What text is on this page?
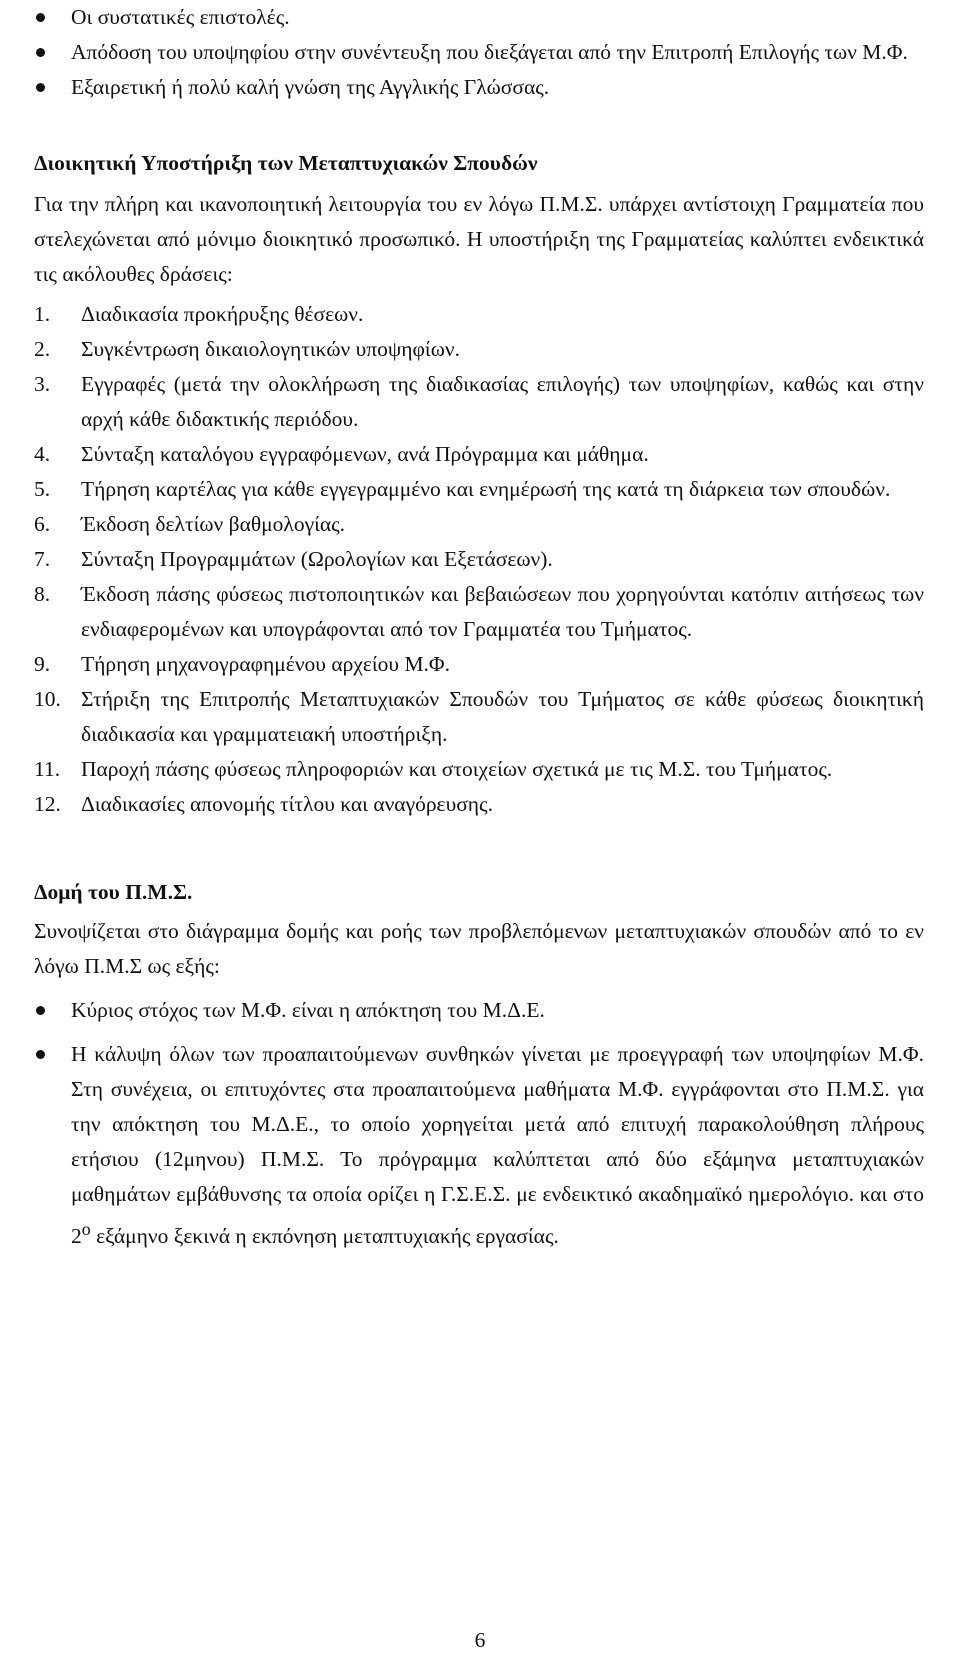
Οι συστατικές επιστολές.
Απόδοση του υποψηφίου στην συνέντευξη που διεξάγεται από την Επιτροπή Επιλογής των Μ.Φ.
Εξαιρετική ή πολύ καλή γνώση της Αγγλικής Γλώσσας.
Διοικητική Υποστήριξη των Μεταπτυχιακών Σπουδών
Για την πλήρη και ικανοποιητική λειτουργία του εν λόγω Π.Μ.Σ. υπάρχει αντίστοιχη Γραμματεία που στελεχώνεται από μόνιμο διοικητικό προσωπικό. Η υποστήριξη της Γραμματείας καλύπτει ενδεικτικά τις ακόλουθες δράσεις:
1. Διαδικασία προκήρυξης θέσεων.
2. Συγκέντρωση δικαιολογητικών υποψηφίων.
3. Εγγραφές (μετά την ολοκλήρωση της διαδικασίας επιλογής) των υποψηφίων, καθώς και στην αρχή κάθε διδακτικής περιόδου.
4. Σύνταξη καταλόγου εγγραφόμενων, ανά Πρόγραμμα και μάθημα.
5. Τήρηση καρτέλας για κάθε εγγεγραμμένο και ενημέρωσή της κατά τη διάρκεια των σπουδών.
6. Έκδοση δελτίων βαθμολογίας.
7. Σύνταξη Προγραμμάτων (Ωρολογίων και Εξετάσεων).
8. Έκδοση πάσης φύσεως πιστοποιητικών και βεβαιώσεων που χορηγούνται κατόπιν αιτήσεως των ενδιαφερομένων και υπογράφονται από τον Γραμματέα του Τμήματος.
9. Τήρηση μηχανογραφημένου αρχείου Μ.Φ.
10. Στήριξη της Επιτροπής Μεταπτυχιακών Σπουδών του Τμήματος σε κάθε φύσεως διοικητική διαδικασία και γραμματειακή υποστήριξη.
11. Παροχή πάσης φύσεως πληροφοριών και στοιχείων σχετικά με τις Μ.Σ. του Τμήματος.
12. Διαδικασίες απονομής τίτλου και αναγόρευσης.
Δομή του Π.Μ.Σ.
Συνοψίζεται στο διάγραμμα δομής και ροής των προβλεπόμενων μεταπτυχιακών σπουδών από το εν λόγω Π.Μ.Σ ως εξής:
Κύριος στόχος των Μ.Φ. είναι η απόκτηση του Μ.Δ.Ε.
Η κάλυψη όλων των προαπαιτούμενων συνθηκών γίνεται με προεγγραφή των υποψηφίων Μ.Φ. Στη συνέχεια, οι επιτυχόντες στα προαπαιτούμενα μαθήματα Μ.Φ. εγγράφονται στο Π.Μ.Σ. για την απόκτηση του Μ.Δ.Ε., το οποίο χορηγείται μετά από επιτυχή παρακολούθηση πλήρους ετήσιου (12μηνου) Π.Μ.Σ. Το πρόγραμμα καλύπτεται από δύο εξάμηνα μεταπτυχιακών μαθημάτων εμβάθυνσης τα οποία ορίζει η Γ.Σ.Ε.Σ. με ενδεικτικό ακαδημαϊκό ημερολόγιο. και στο $2^o$ εξάμηνο ξεκινά η εκπόνηση μεταπτυχιακής εργασίας.
6
